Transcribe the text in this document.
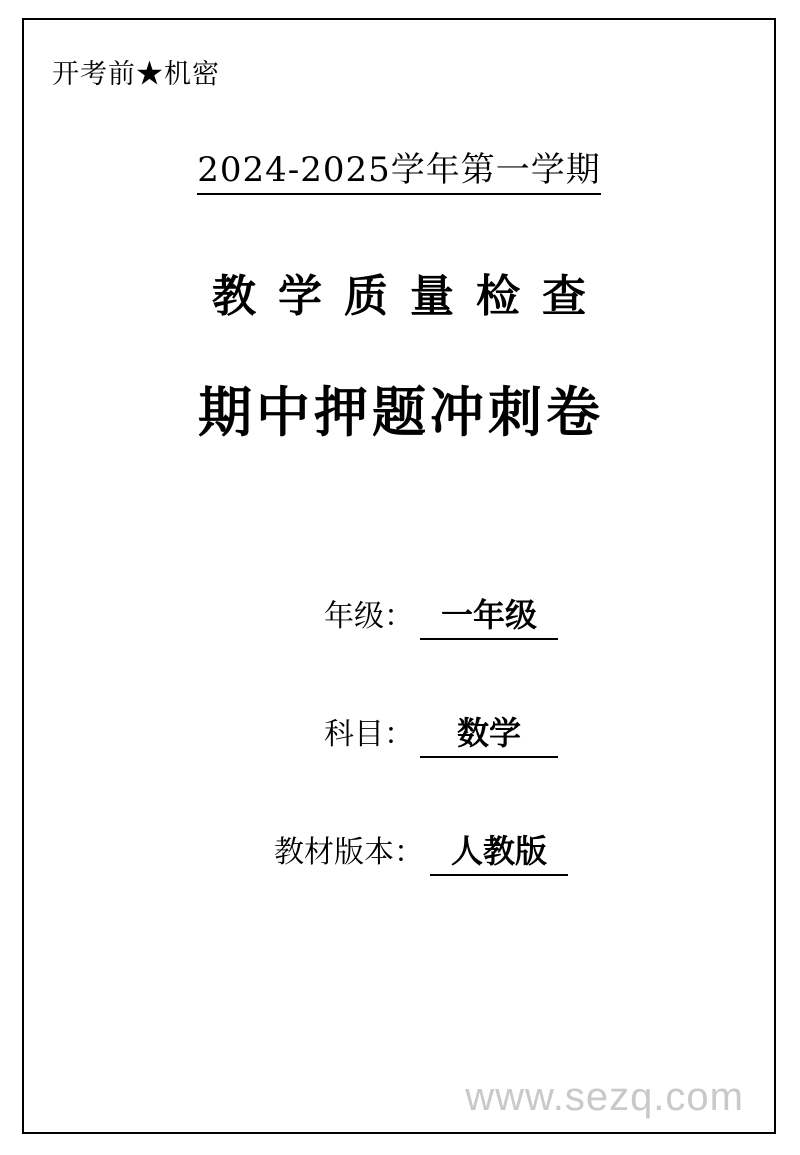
开考前★机密
2024-2025学年第一学期
教学质量检查
期中押题冲刺卷
年级： 一年级
科目：	数学
教材版本： 人教版
www.sezq.com
